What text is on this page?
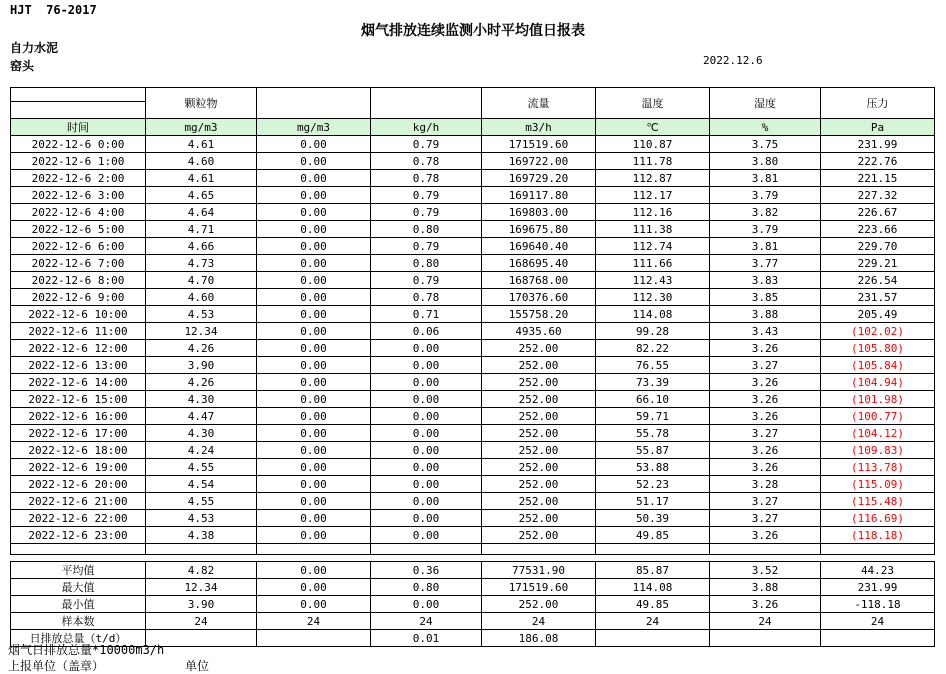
HJT  76-2017
烟气排放连续监测小时平均值日报表
自力水泥
窑头	2022.12.6
	颗粒物			流量	温度	湿度	压力

时间	mg/m3	mg/m3	kg/h	m3/h	℃	%	Pa
2022-12-6 0:00	4.61	0.00	0.79	171519.60	110.87	3.75	231.99
2022-12-6 1:00	4.60	0.00	0.78	169722.00	111.78	3.80	222.76
2022-12-6 2:00	4.61	0.00	0.78	169729.20	112.87	3.81	221.15
2022-12-6 3:00	4.65	0.00	0.79	169117.80	112.17	3.79	227.32
2022-12-6 4:00	4.64	0.00	0.79	169803.00	112.16	3.82	226.67
2022-12-6 5:00	4.71	0.00	0.80	169675.80	111.38	3.79	223.66
2022-12-6 6:00	4.66	0.00	0.79	169640.40	112.74	3.81	229.70
2022-12-6 7:00	4.73	0.00	0.80	168695.40	111.66	3.77	229.21
2022-12-6 8:00	4.70	0.00	0.79	168768.00	112.43	3.83	226.54
2022-12-6 9:00	4.60	0.00	0.78	170376.60	112.30	3.85	231.57
2022-12-6 10:00	4.53	0.00	0.71	155758.20	114.08	3.88	205.49
2022-12-6 11:00	12.34	0.00	0.06	4935.60	99.28	3.43	(102.02)
2022-12-6 12:00	4.26	0.00	0.00	252.00	82.22	3.26	(105.80)
2022-12-6 13:00	3.90	0.00	0.00	252.00	76.55	3.27	(105.84)
2022-12-6 14:00	4.26	0.00	0.00	252.00	73.39	3.26	(104.94)
2022-12-6 15:00	4.30	0.00	0.00	252.00	66.10	3.26	(101.98)
2022-12-6 16:00	4.47	0.00	0.00	252.00	59.71	3.26	(100.77)
2022-12-6 17:00	4.30	0.00	0.00	252.00	55.78	3.27	(104.12)
2022-12-6 18:00	4.24	0.00	0.00	252.00	55.87	3.26	(109.83)
2022-12-6 19:00	4.55	0.00	0.00	252.00	53.88	3.26	(113.78)
2022-12-6 20:00	4.54	0.00	0.00	252.00	52.23	3.28	(115.09)
2022-12-6 21:00	4.55	0.00	0.00	252.00	51.17	3.27	(115.48)
2022-12-6 22:00	4.53	0.00	0.00	252.00	50.39	3.27	(116.69)
2022-12-6 23:00	4.38	0.00	0.00	252.00	49.85	3.26	(118.18)

平均值	4.82	0.00	0.36	77531.90	85.87	3.52	44.23
最大值	12.34	0.00	0.80	171519.60	114.08	3.88	231.99
最小值	3.90	0.00	0.00	252.00	49.85	3.26	-118.18
样本数	24	24	24	24	24	24	24
日排放总量（t/d）			0.01	186.08			
烟气日排放总量*10000m3/h
上报单位（盖章）	单位
